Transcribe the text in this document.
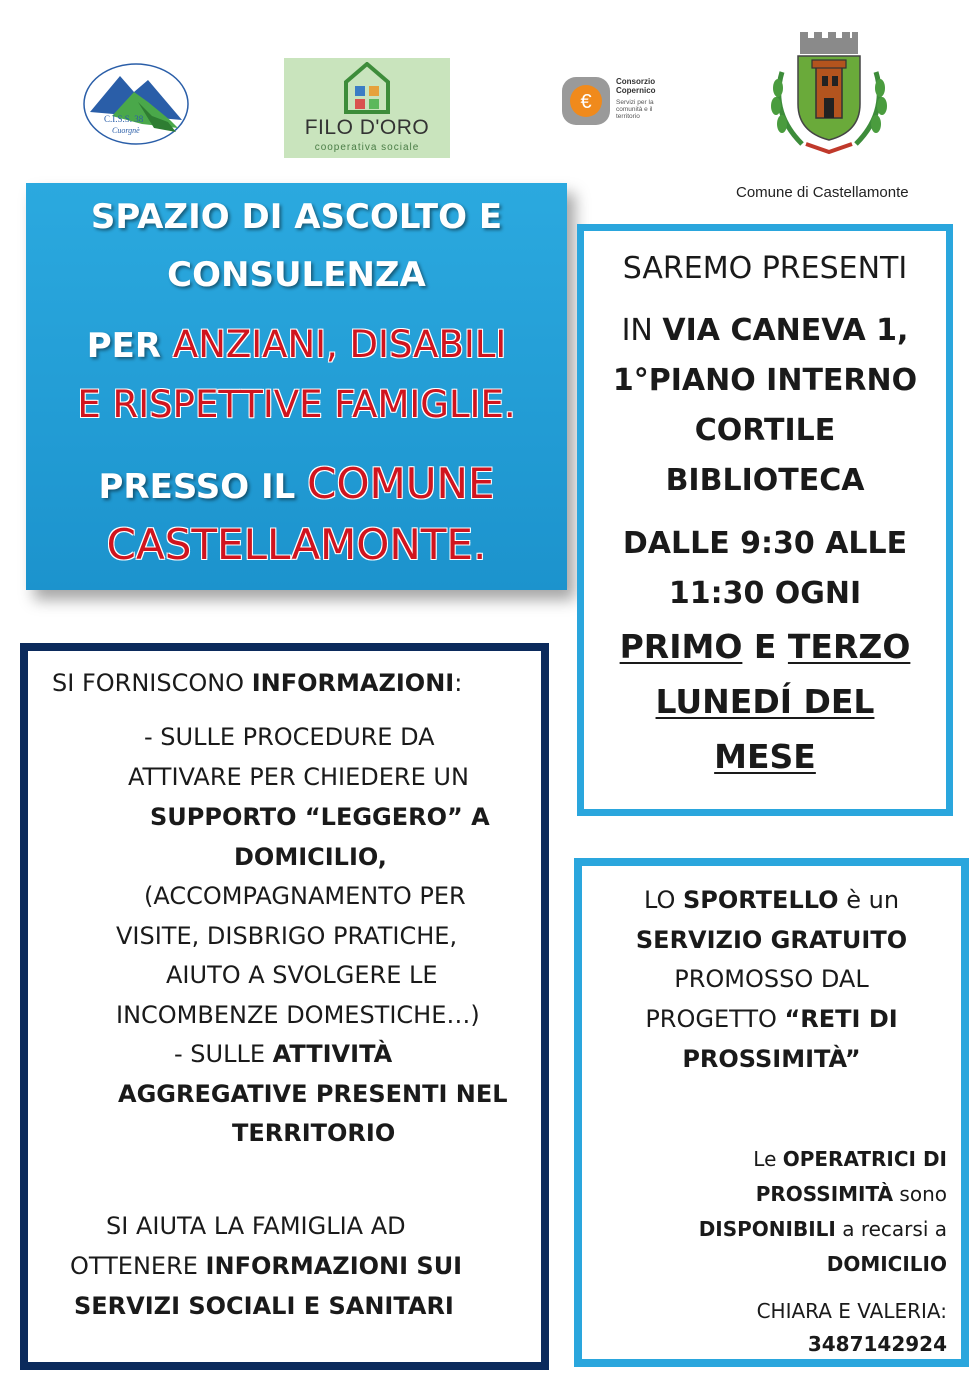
C.I.S.S. 38
Cuorgnè	FILO D'ORO
cooperativa sociale
€
Consorzio
Copernico
Servizi per la comunità e il territorio
Comune di Castellamonte
SPAZIO DI ASCOLTO E
CONSULENZA
PER ANZIANI, DISABILI
E RISPETTIVE FAMIGLIE.
PRESSO IL COMUNE
CASTELLAMONTE.
SAREMO PRESENTI
IN VIA CANEVA 1,
1°PIANO INTERNO
CORTILE
BIBLIOTECA
DALLE 9:30 ALLE
11:30 OGNI
PRIMO E TERZO
LUNEDÍ DEL
MESE
SI FORNISCONO INFORMAZIONI:
- SULLE PROCEDURE DA
ATTIVARE PER CHIEDERE UN
SUPPORTO “LEGGERO” A
DOMICILIO,
(ACCOMPAGNAMENTO PER
VISITE, DISBRIGO PRATICHE,
AIUTO A SVOLGERE LE
INCOMBENZE DOMESTICHE…)
- SULLE ATTIVITÀ
AGGREGATIVE PRESENTI NEL
TERRITORIO
SI AIUTA LA FAMIGLIA AD
OTTENERE INFORMAZIONI SUI
SERVIZI SOCIALI E SANITARI
LO SPORTELLO è un
SERVIZIO GRATUITO
PROMOSSO DAL
PROGETTO “RETI DI
PROSSIMITÀ”
Le OPERATRICI DI
PROSSIMITÀ sono
DISPONIBILI a recarsi a
DOMICILIO
CHIARA E VALERIA:
3487142924
